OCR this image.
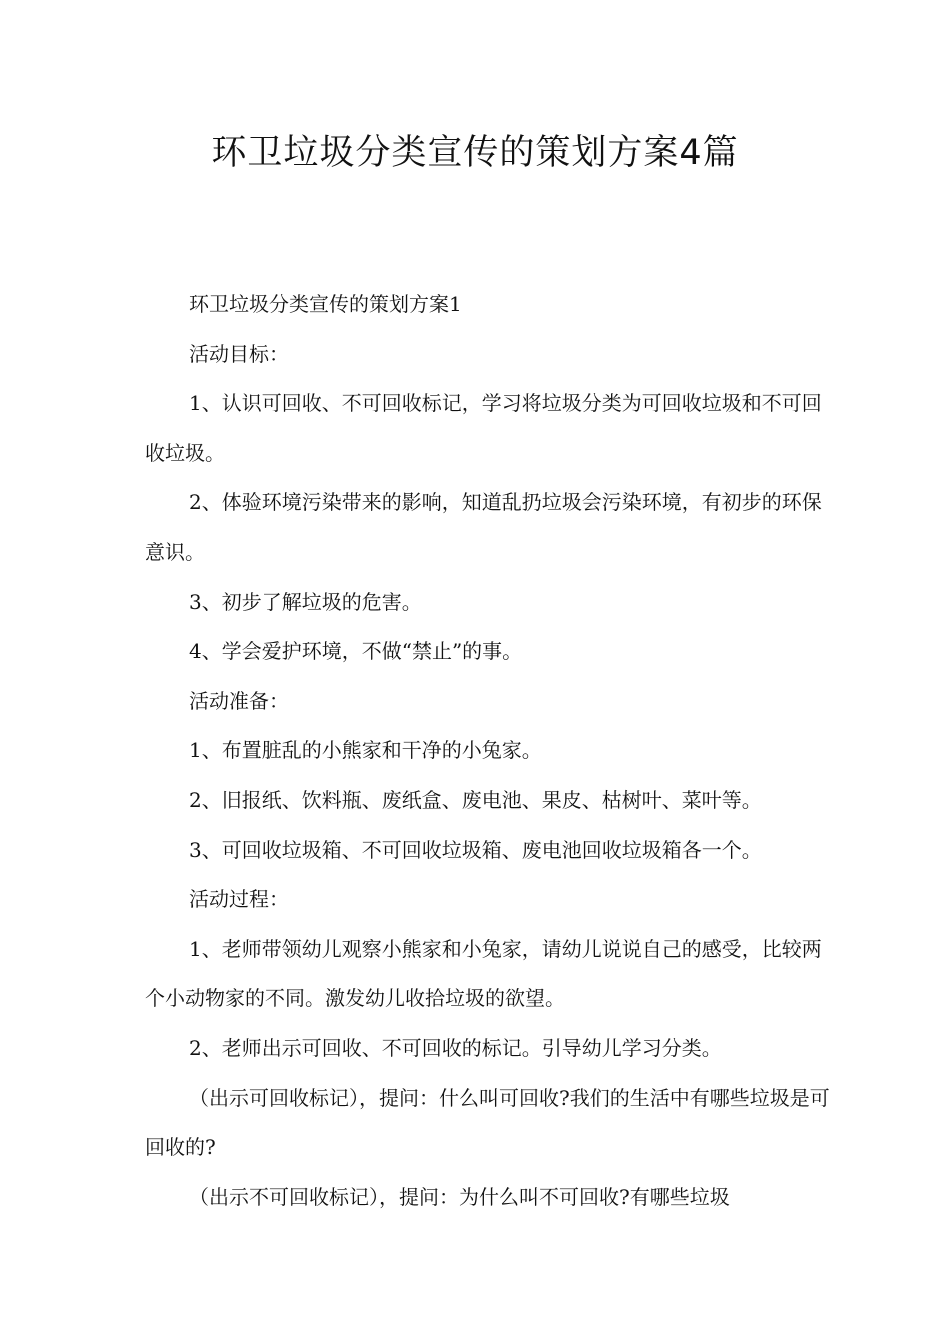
环卫垃圾分类宣传的策划方案4篇

环卫垃圾分类宣传的策划方案1

活动目标：

1、认识可回收、不可回收标记，学习将垃圾分类为可回收垃圾和不可回收垃圾。

2、体验环境污染带来的影响，知道乱扔垃圾会污染环境，有初步的环保意识。

3、初步了解垃圾的危害。

4、学会爱护环境，不做“禁止”的事。

活动准备：

1、布置脏乱的小熊家和干净的小兔家。

2、旧报纸、饮料瓶、废纸盒、废电池、果皮、枯树叶、菜叶等。

3、可回收垃圾箱、不可回收垃圾箱、废电池回收垃圾箱各一个。

活动过程：

1、老师带领幼儿观察小熊家和小兔家，请幼儿说说自己的感受，比较两个小动物家的不同。激发幼儿收拾垃圾的欲望。

2、老师出示可回收、不可回收的标记。引导幼儿学习分类。

（出示可回收标记），提问：什么叫可回收?我们的生活中有哪些垃圾是可回收的?

（出示不可回收标记），提问：为什么叫不可回收?有哪些垃圾
